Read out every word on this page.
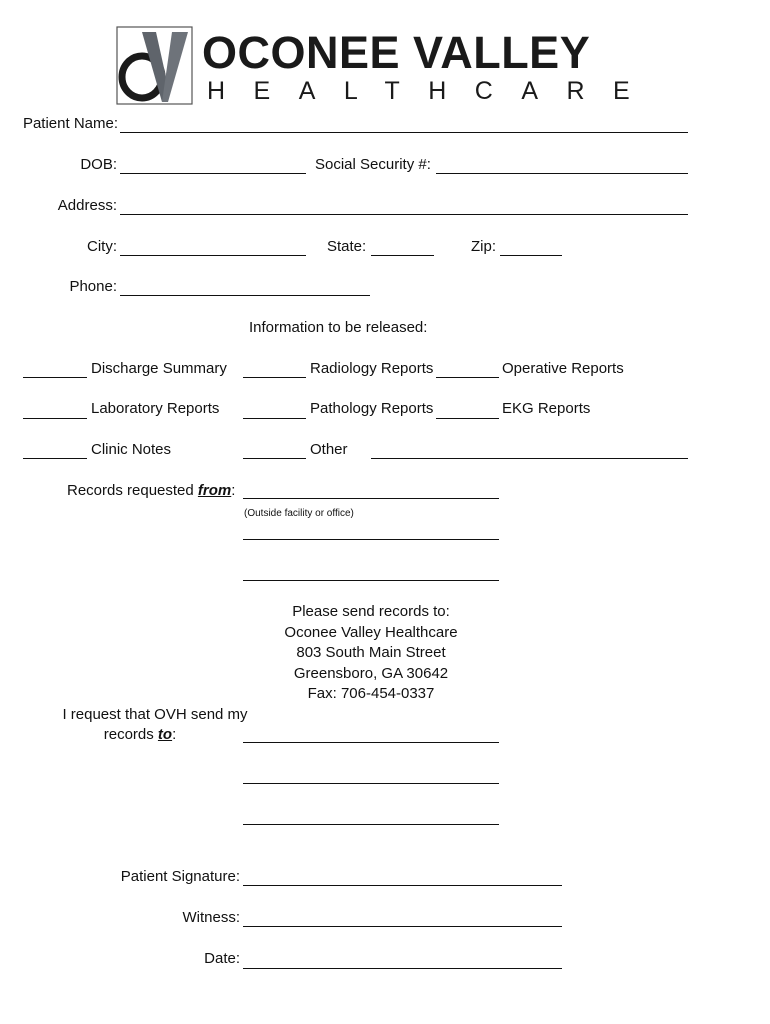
OCONEE VALLEY
HEALTHCARE
Patient Name:
DOB:	Social Security #:
Address:
City:	State:	Zip:
Phone:
Information to be released:
Discharge Summary	Radiology Reports	Operative Reports
Laboratory Reports	Pathology Reports	EKG Reports
Clinic Notes	Other
Records requested from:
(Outside facility or office)
Please send records to:
Oconee Valley Healthcare
803 South Main Street
Greensboro, GA 30642
Fax: 706-454-0337
I request that OVH send my
records to:
Patient Signature:
Witness:
Date:
